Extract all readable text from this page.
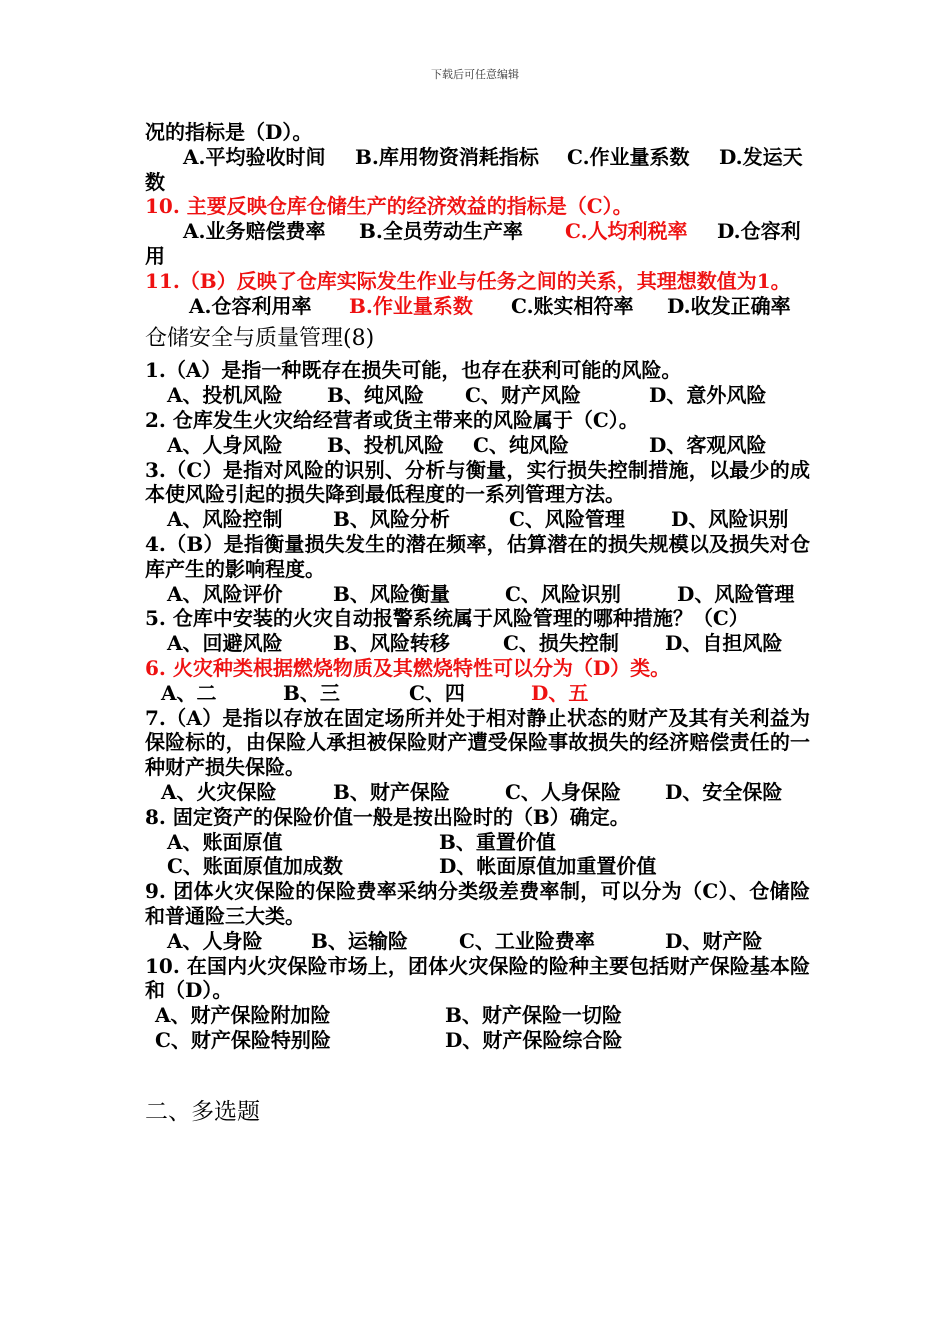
下载后可任意编辑
况的指标是（D）。
A.平均验收时间	B.库用物资消耗指标	C.作业量系数	D.发运天
数
10. 主要反映仓库仓储生产的经济效益的指标是（C）。
A.业务赔偿费率	B.全员劳动生产率	C.人均利税率	D.仓容利
用
11.（B）反映了仓库实际发生作业与任务之间的关系，其理想数值为1。
A.仓容利用率	B.作业量系数	C.账实相符率	D.收发正确率
仓储安全与质量管理(8)
1.（A）是指一种既存在损失可能，也存在获利可能的风险。
A、投机风险	B、纯风险	C、财产风险	D、意外风险
2. 仓库发生火灾给经营者或货主带来的风险属于（C）。
A、人身风险	B、投机风险	C、纯风险	D、客观风险
3.（C）是指对风险的识别、分析与衡量，实行损失控制措施，以最少的成本使风险引起的损失降到最低程度的一系列管理方法。
A、风险控制	B、风险分析	C、风险管理	D、风险识别
4.（B）是指衡量损失发生的潜在频率，估算潜在的损失规模以及损失对仓库产生的影响程度。
A、风险评价	B、风险衡量	C、风险识别	D、风险管理
5. 仓库中安装的火灾自动报警系统属于风险管理的哪种措施？（C）
A、回避风险	B、风险转移	C、损失控制	D、自担风险
6. 火灾种类根据燃烧物质及其燃烧特性可以分为（D）类。
A、二	B、三	C、四	D、五
7.（A）是指以存放在固定场所并处于相对静止状态的财产及其有关利益为保险标的，由保险人承担被保险财产遭受保险事故损失的经济赔偿责任的一种财产损失保险。
A、火灾保险	B、财产保险	C、人身保险	D、安全保险
8. 固定资产的保险价值一般是按出险时的（B）确定。
A、账面原值	B、重置价值
C、账面原值加成数	D、帐面原值加重置价值
9. 团体火灾保险的保险费率采纳分类级差费率制，可以分为（C）、仓储险和普通险三大类。
A、人身险	B、运输险	C、工业险费率	D、财产险
10. 在国内火灾保险市场上，团体火灾保险的险种主要包括财产保险基本险和（D）。
A、财产保险附加险	B、财产保险一切险
C、财产保险特别险	D、财产保险综合险
二、多选题
